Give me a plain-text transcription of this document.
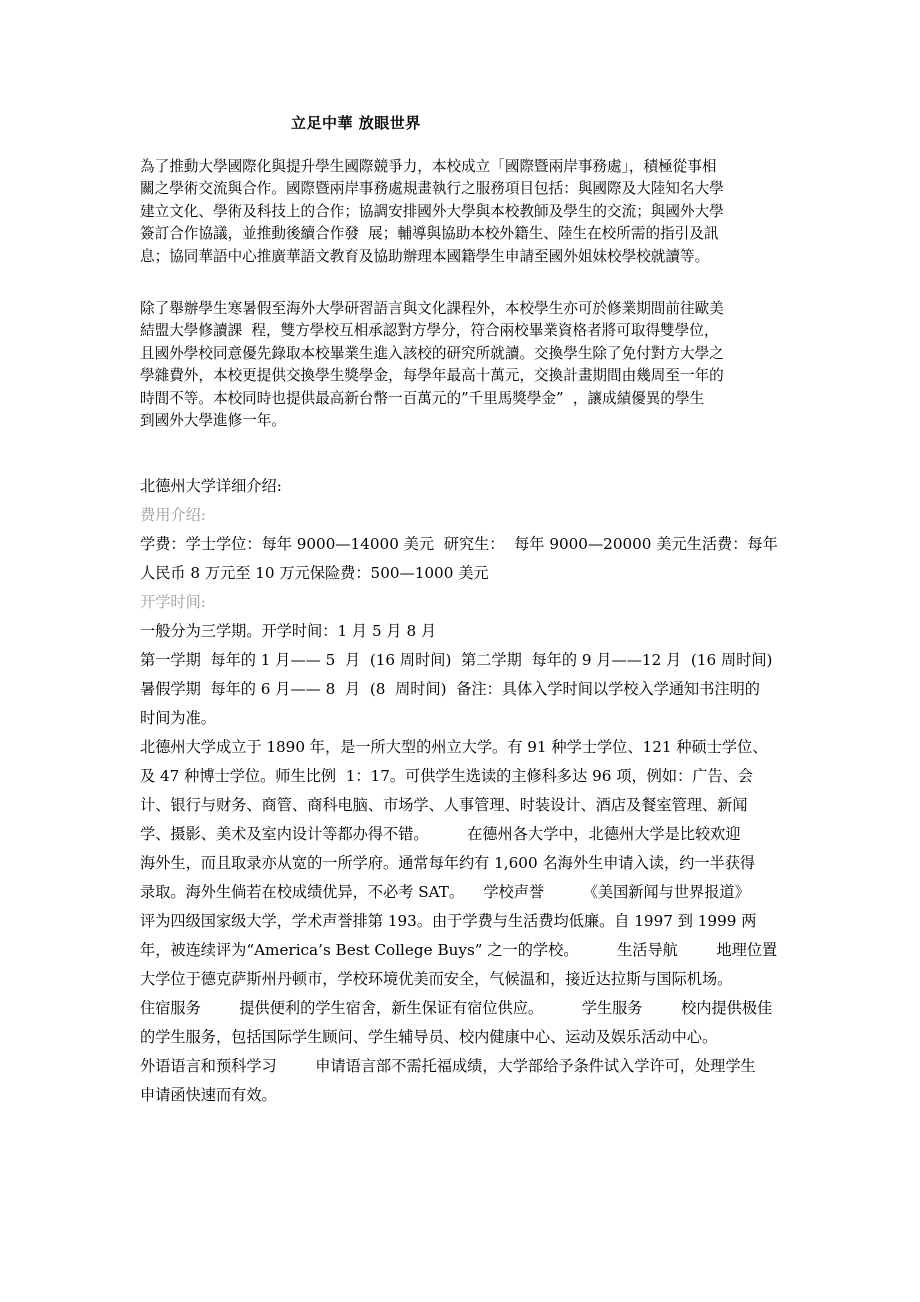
立足中華 放眼世界
為了推動大學國際化與提升學生國際競爭力，本校成立「國際暨兩岸事務處」，積極從事相
關之學術交流與合作。國際暨兩岸事務處規畫執行之服務項目包括：與國際及大陸知名大學
建立文化、學術及科技上的合作；協調安排國外大學與本校教師及學生的交流；與國外大學
簽訂合作協議，並推動後續合作發  展；輔導與協助本校外籍生、陸生在校所需的指引及訊
息；協同華語中心推廣華語文教育及協助辦理本國籍學生申請至國外姐妹校學校就讀等。
除了舉辦學生寒暑假至海外大學研習語言與文化課程外，本校學生亦可於修業期間前往歐美
結盟大學修讀課  程，雙方學校互相承認對方學分，符合兩校畢業資格者將可取得雙學位，
且國外學校同意優先錄取本校畢業生進入該校的研究所就讀。交換學生除了免付對方大學之
學雜費外，本校更提供交換學生獎學金，每學年最高十萬元，交換計畫期間由幾周至一年的
時間不等。本校同時也提供最高新台幣一百萬元的”千里馬獎學金”  ，讓成績優異的學生
到國外大學進修一年。
北德州大学详细介绍:
费用介绍:
学费：学士学位：每年 9000—14000 美元  研究生：  每年 9000—20000 美元生活费：每年
人民币 8 万元至 10 万元保险费：500—1000 美元
开学时间:
一般分为三学期。开学时间：1 月 5 月 8 月
第一学期  每年的 1 月—— 5  月  (16 周时间)  第二学期  每年的 9 月——12 月  (16 周时间)
暑假学期  每年的 6 月—— 8  月  (8  周时间)  备注：具体入学时间以学校入学通知书注明的
时间为准。
北德州大学成立于 1890 年，是一所大型的州立大学。有 91 种学士学位、121 种硕士学位、
及 47 种博士学位。师生比例  1：17。可供学生选读的主修科多达 96 项，例如：广告、会
计、银行与财务、商管、商科电脑、市场学、人事管理、时装设计、酒店及餐室管理、新闻
学、摄影、美术及室内设计等都办得不错。        在德州各大学中，北德州大学是比较欢迎
海外生，而且取录亦从宽的一所学府。通常每年约有 1,600 名海外生申请入读，约一半获得
录取。海外生倘若在校成绩优异，不必考 SAT。    学校声誉        《美国新闻与世界报道》
评为四级国家级大学，学术声誉排第 193。由于学费与生活费均低廉。自 1997 到 1999 两
年，被连续评为“America’s Best College Buys” 之一的学校。        生活导航        地理位置
大学位于德克萨斯州丹顿市，学校环境优美而安全，气候温和，接近达拉斯与国际机场。
住宿服务        提供便利的学生宿舍，新生保证有宿位供应。        学生服务        校内提供极佳
的学生服务，包括国际学生顾问、学生辅导员、校内健康中心、运动及娱乐活动中心。
外语语言和预科学习        申请语言部不需托福成绩，大学部给予条件试入学许可，处理学生
申请函快速而有效。
